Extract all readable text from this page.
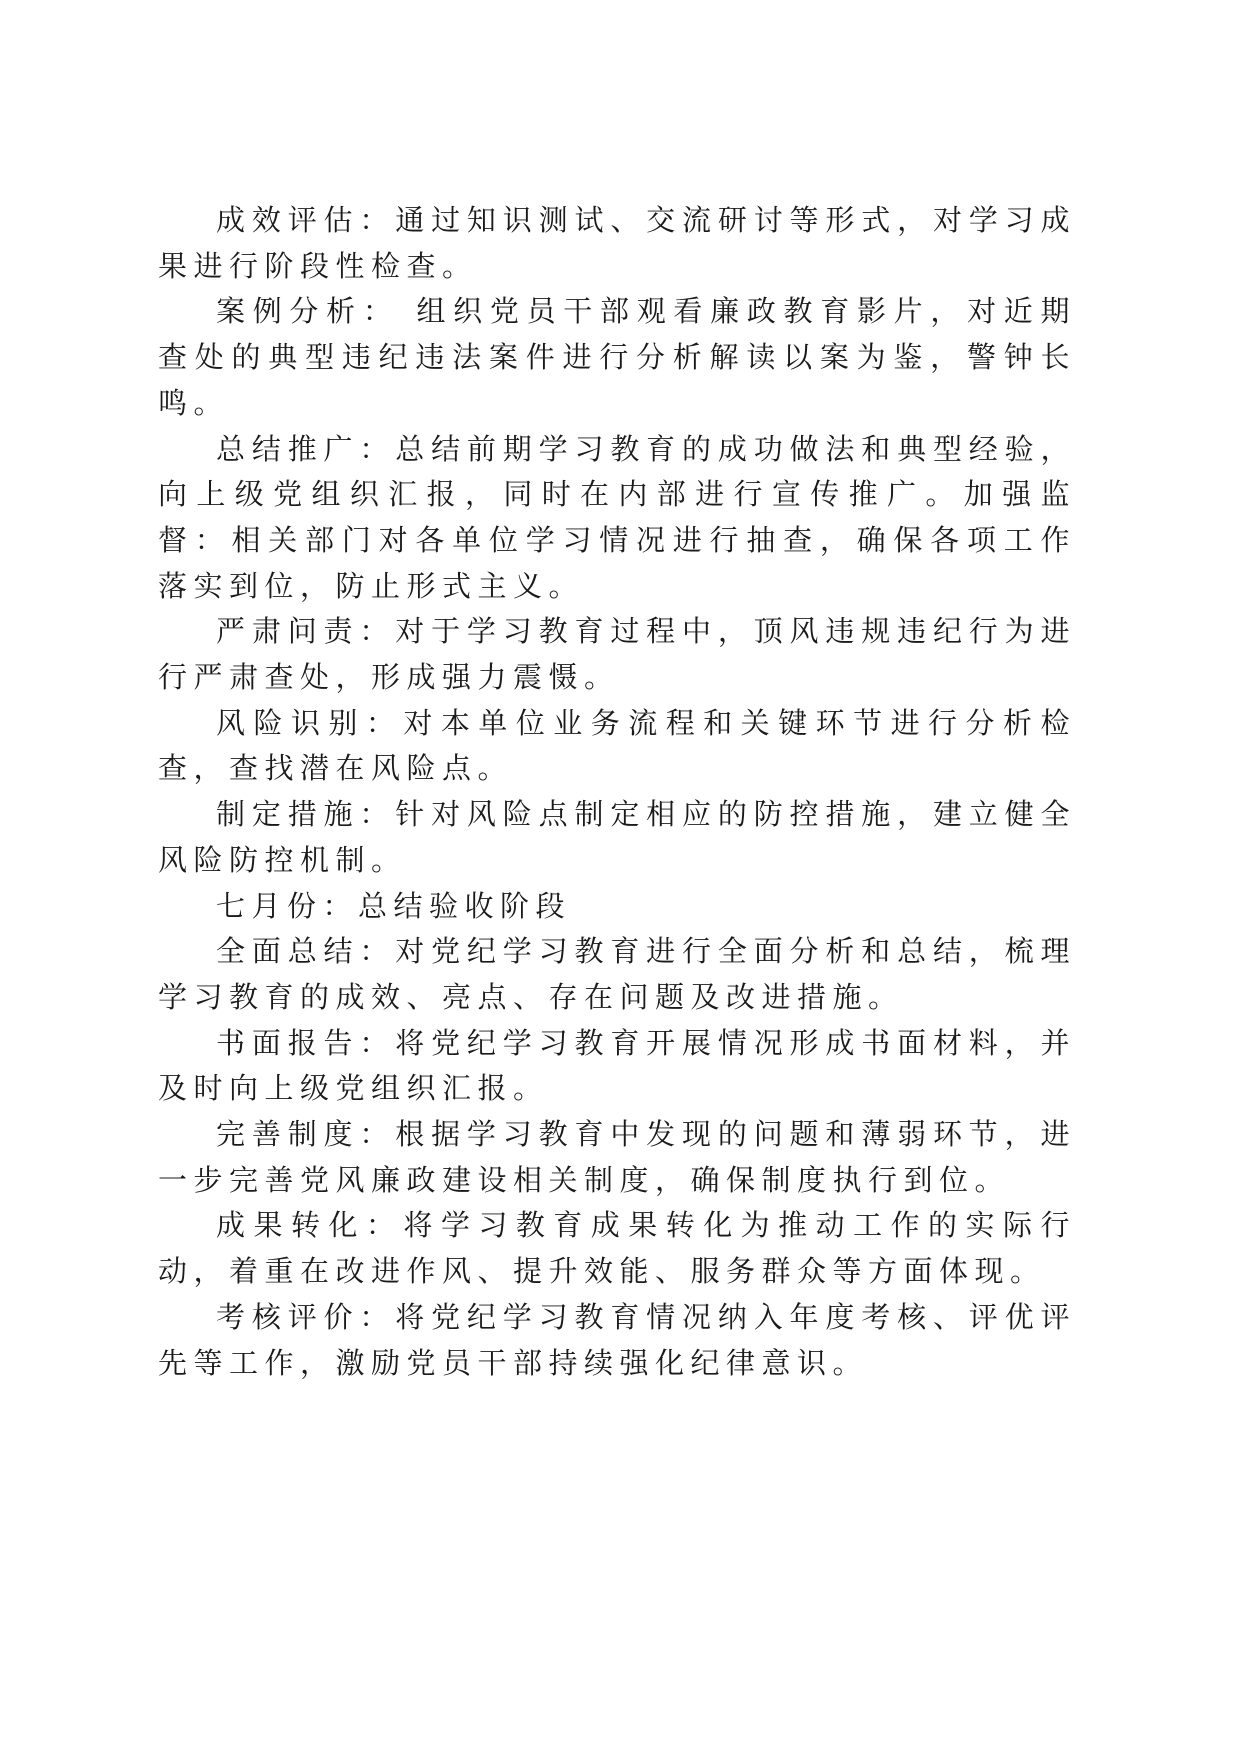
成效评估：通过知识测试、交流研讨等形式，对学习成果进行阶段性检查。

案例分析： 组织党员干部观看廉政教育影片，对近期查处的典型违纪违法案件进行分析解读以案为鉴，警钟长鸣。

总结推广：总结前期学习教育的成功做法和典型经验，向上级党组织汇报，同时在内部进行宣传推广。加强监督：相关部门对各单位学习情况进行抽查，确保各项工作落实到位，防止形式主义。

严肃问责：对于学习教育过程中，顶风违规违纪行为进行严肃查处，形成强力震慑。

风险识别：对本单位业务流程和关键环节进行分析检查，查找潜在风险点。

制定措施：针对风险点制定相应的防控措施，建立健全风险防控机制。

七月份：总结验收阶段

全面总结：对党纪学习教育进行全面分析和总结，梳理学习教育的成效、亮点、存在问题及改进措施。

书面报告：将党纪学习教育开展情况形成书面材料，并及时向上级党组织汇报。

完善制度：根据学习教育中发现的问题和薄弱环节，进一步完善党风廉政建设相关制度，确保制度执行到位。

成果转化：将学习教育成果转化为推动工作的实际行动，着重在改进作风、提升效能、服务群众等方面体现。

考核评价：将党纪学习教育情况纳入年度考核、评优评先等工作，激励党员干部持续强化纪律意识。
